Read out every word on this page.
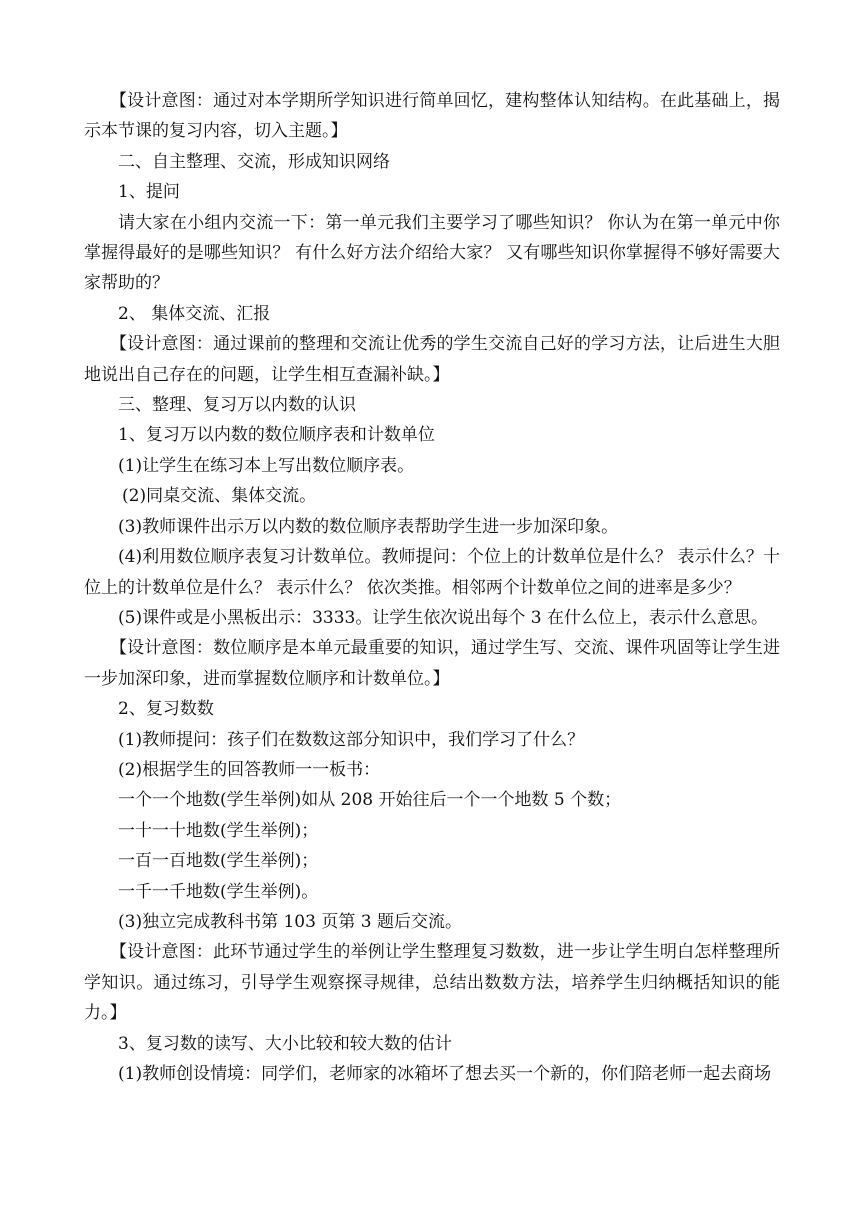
【设计意图：通过对本学期所学知识进行简单回忆，建构整体认知结构。在此基础上，揭示本节课的复习内容，切入主题。】

二、自主整理、交流，形成知识网络

1、提问

请大家在小组内交流一下：第一单元我们主要学习了哪些知识？ 你认为在第一单元中你掌握得最好的是哪些知识？ 有什么好方法介绍给大家？ 又有哪些知识你掌握得不够好需要大家帮助的？

2、 集体交流、汇报

【设计意图：通过课前的整理和交流让优秀的学生交流自己好的学习方法，让后进生大胆地说出自己存在的问题，让学生相互查漏补缺。】

三、整理、复习万以内数的认识

1、复习万以内数的数位顺序表和计数单位

(1)让学生在练习本上写出数位顺序表。

(2)同桌交流、集体交流。

(3)教师课件出示万以内数的数位顺序表帮助学生进一步加深印象。

(4)利用数位顺序表复习计数单位。教师提问：个位上的计数单位是什么？ 表示什么？十位上的计数单位是什么？ 表示什么？ 依次类推。相邻两个计数单位之间的进率是多少？

(5)课件或是小黑板出示：3333。让学生依次说出每个 3 在什么位上，表示什么意思。

【设计意图：数位顺序是本单元最重要的知识，通过学生写、交流、课件巩固等让学生进一步加深印象，进而掌握数位顺序和计数单位。】

2、复习数数

(1)教师提问：孩子们在数数这部分知识中，我们学习了什么？

(2)根据学生的回答教师一一板书：

一个一个地数(学生举例)如从 208 开始往后一个一个地数 5 个数；

一十一十地数(学生举例)；

一百一百地数(学生举例)；

一千一千地数(学生举例)。

(3)独立完成教科书第 103 页第 3 题后交流。

【设计意图：此环节通过学生的举例让学生整理复习数数，进一步让学生明白怎样整理所学知识。通过练习，引导学生观察探寻规律，总结出数数方法，培养学生归纳概括知识的能力。】

3、复习数的读写、大小比较和较大数的估计

(1)教师创设情境：同学们，老师家的冰箱坏了想去买一个新的，你们陪老师一起去商场
